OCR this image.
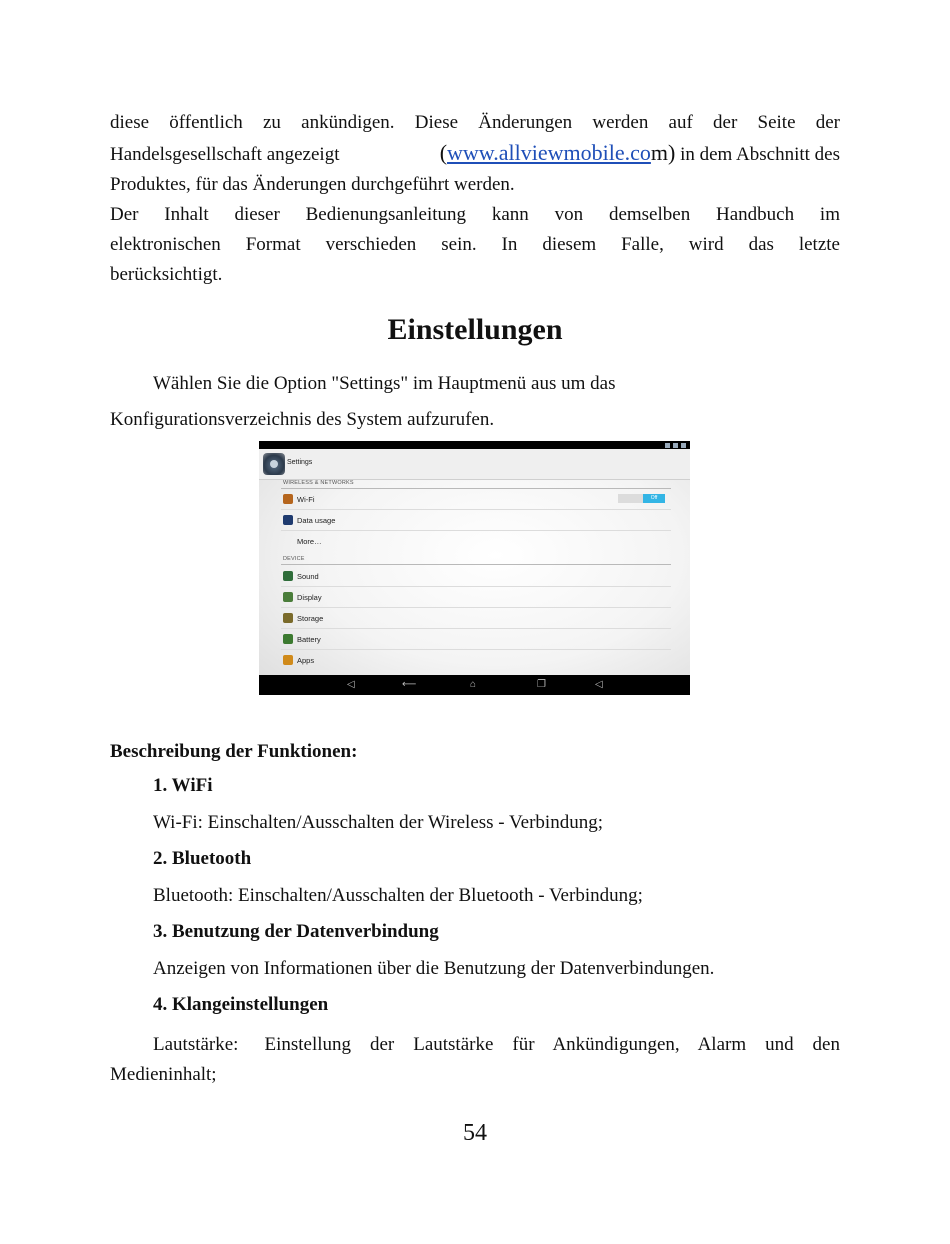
diese öffentlich zu ankündigen. Diese Änderungen werden auf der Seite der

Handelsgesellschaft angezeigt	(www.allviewmobile.com) in dem Abschnitt des

Produktes, für das Änderungen durchgeführt werden.

Der Inhalt dieser Bedienungsanleitung kann von demselben Handbuch im

elektronischen Format verschieden sein. In diesem Falle, wird das letzte

berücksichtigt.

Einstellungen

Wählen Sie die Option "Settings" im Hauptmenü aus um das

Konfigurationsverzeichnis des System aufzurufen.

Settings
WIRELESS & NETWORKS
Wi-Fi	Off
Data usage
More…
DEVICE
Sound
Display
Storage
Battery
Apps
◁	⟵	⌂	❐	◁

Beschreibung der Funktionen:

1. WiFi

Wi-Fi: Einschalten/Ausschalten der Wireless - Verbindung;

2. Bluetooth

Bluetooth: Einschalten/Ausschalten der Bluetooth - Verbindung;

3. Benutzung der Datenverbindung

Anzeigen von Informationen über die Benutzung der Datenverbindungen.

4. Klangeinstellungen

Lautstärke: Einstellung der Lautstärke für Ankündigungen, Alarm und den
Medieninhalt;
54
